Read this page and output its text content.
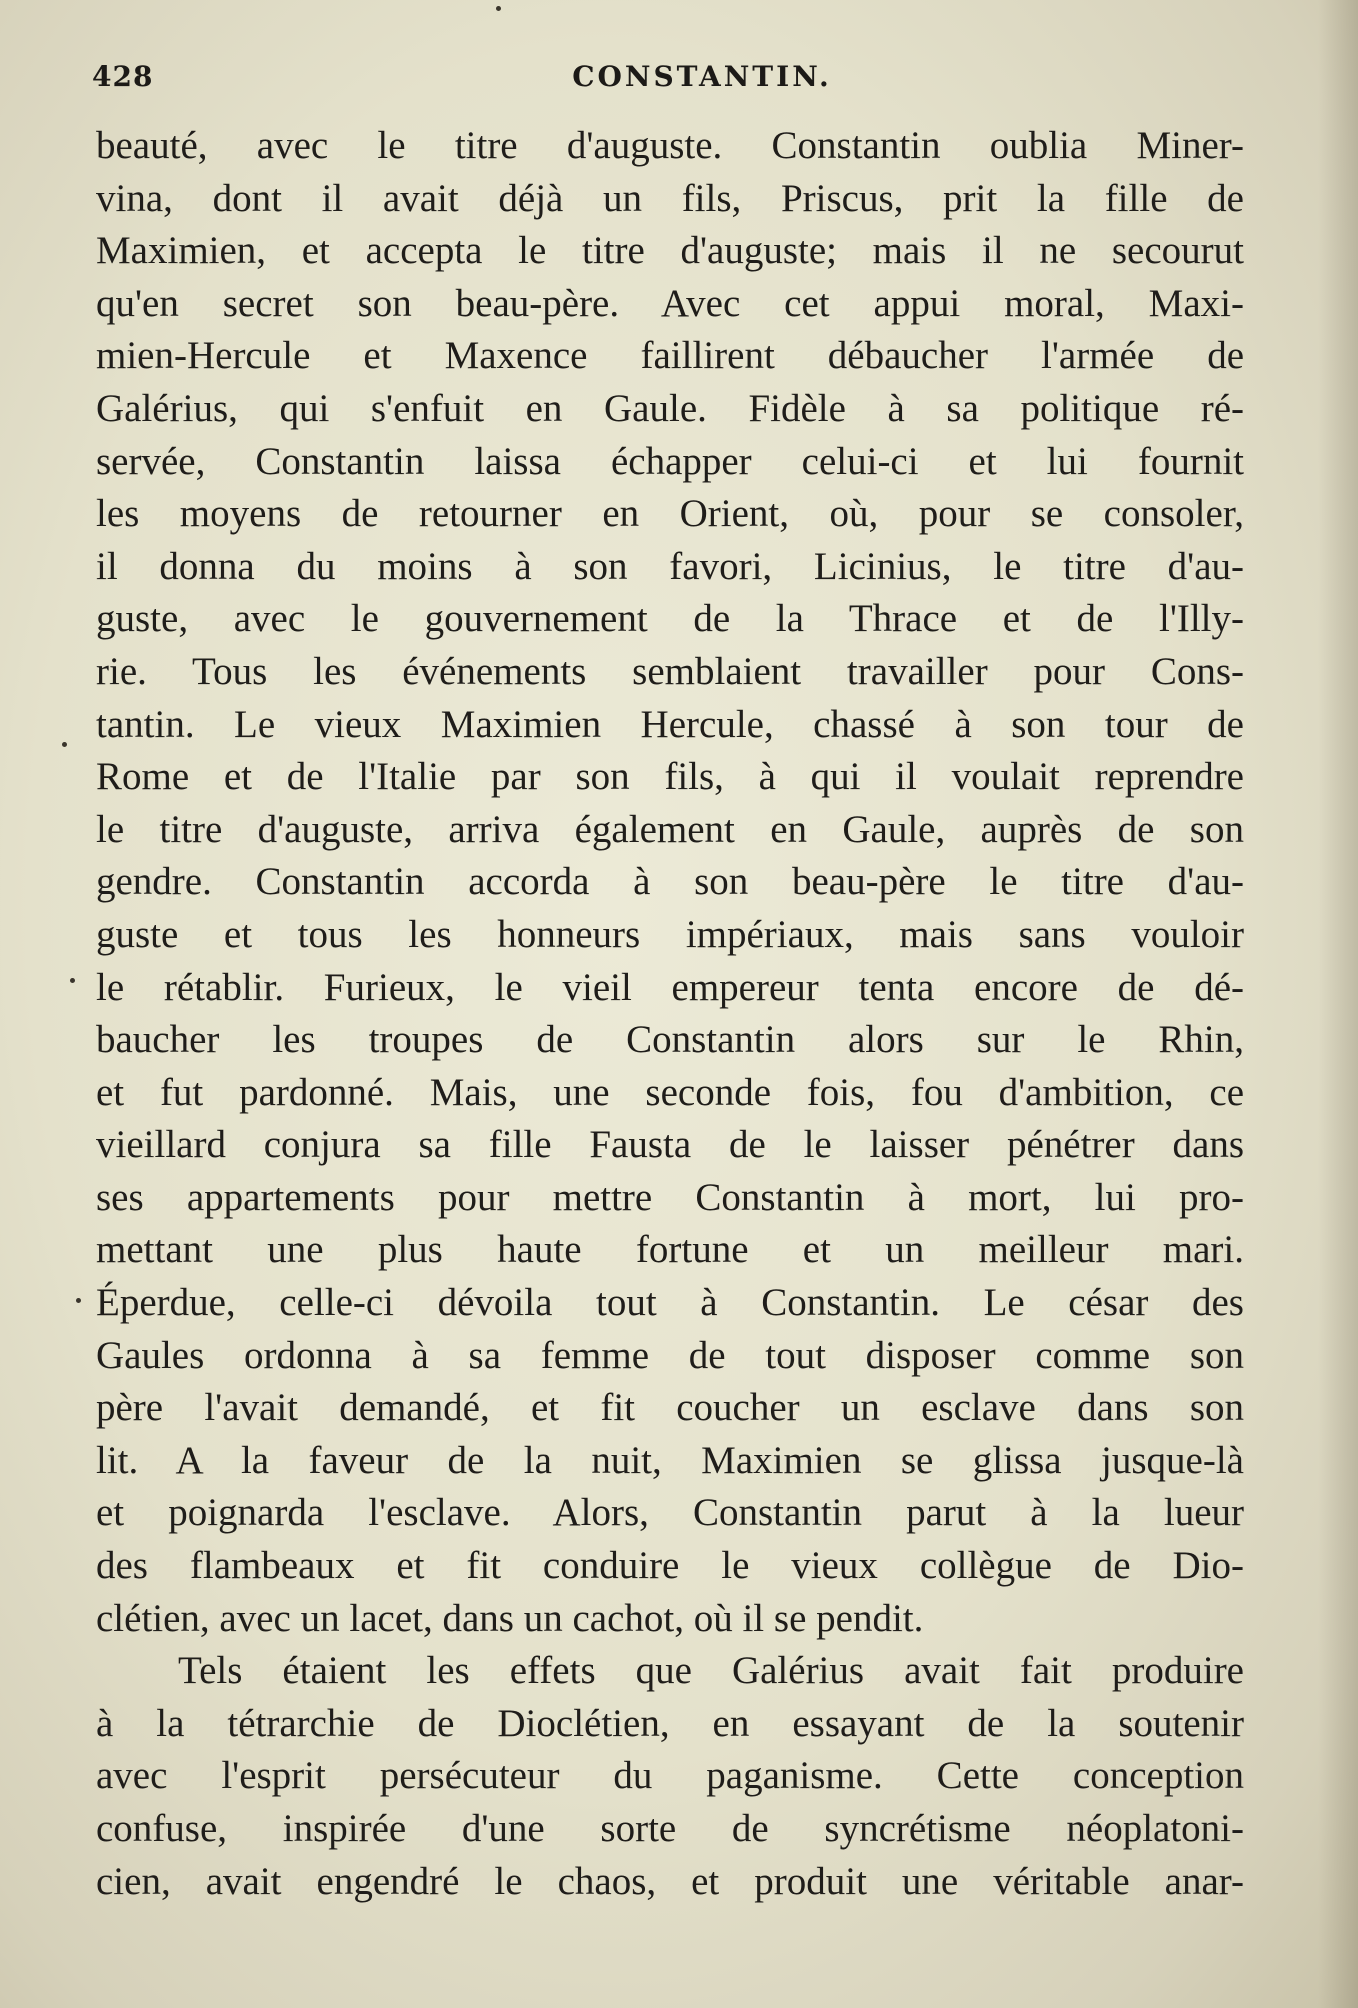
428	CONSTANTIN.
beauté, avec le titre d'auguste. Constantin oublia Miner-
vina, dont il avait déjà un fils, Priscus, prit la fille de
Maximien, et accepta le titre d'auguste; mais il ne secourut
qu'en secret son beau-père. Avec cet appui moral, Maxi-
mien-Hercule et Maxence faillirent débaucher l'armée de
Galérius, qui s'enfuit en Gaule. Fidèle à sa politique ré-
servée, Constantin laissa échapper celui-ci et lui fournit
les moyens de retourner en Orient, où, pour se consoler,
il donna du moins à son favori, Licinius, le titre d'au-
guste, avec le gouvernement de la Thrace et de l'Illy-
rie. Tous les événements semblaient travailler pour Cons-
tantin. Le vieux Maximien Hercule, chassé à son tour de
Rome et de l'Italie par son fils, à qui il voulait reprendre
le titre d'auguste, arriva également en Gaule, auprès de son
gendre. Constantin accorda à son beau-père le titre d'au-
guste et tous les honneurs impériaux, mais sans vouloir
le rétablir. Furieux, le vieil empereur tenta encore de dé-
baucher les troupes de Constantin alors sur le Rhin,
et fut pardonné. Mais, une seconde fois, fou d'ambition, ce
vieillard conjura sa fille Fausta de le laisser pénétrer dans
ses appartements pour mettre Constantin à mort, lui pro-
mettant une plus haute fortune et un meilleur mari.
Éperdue, celle-ci dévoila tout à Constantin. Le césar des
Gaules ordonna à sa femme de tout disposer comme son
père l'avait demandé, et fit coucher un esclave dans son
lit. A la faveur de la nuit, Maximien se glissa jusque-là
et poignarda l'esclave. Alors, Constantin parut à la lueur
des flambeaux et fit conduire le vieux collègue de Dio-
clétien, avec un lacet, dans un cachot, où il se pendit.
Tels étaient les effets que Galérius avait fait produire
à la tétrarchie de Dioclétien, en essayant de la soutenir
avec l'esprit persécuteur du paganisme. Cette conception
confuse, inspirée d'une sorte de syncrétisme néoplatoni-
cien, avait engendré le chaos, et produit une véritable anar-
